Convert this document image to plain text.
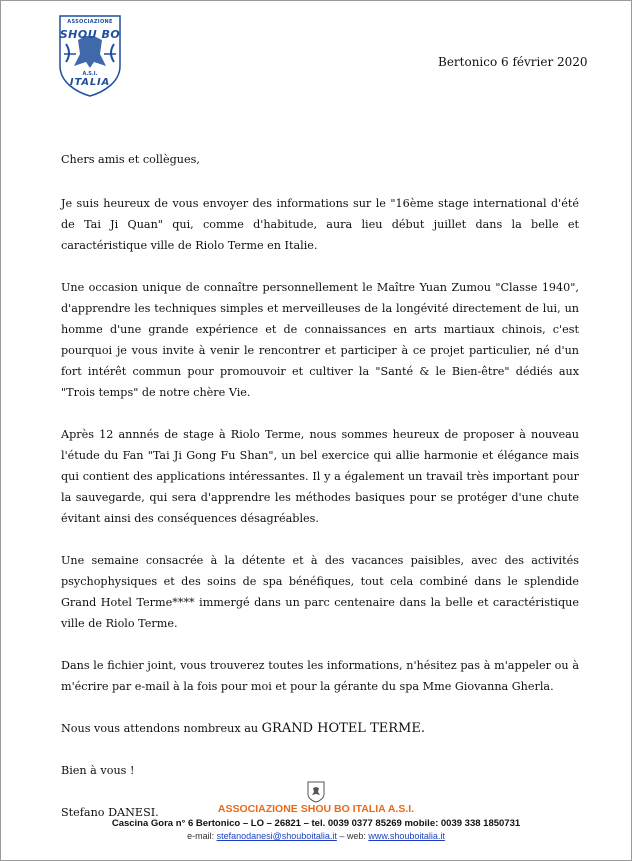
ASSOCIAZIONE
SHOU BO
A.S.I.
ITALIA
Bertonico 6 février 2020

Chers amis et collègues,

Je suis heureux de vous envoyer des informations sur le "16ème stage international d'été de Tai Ji Quan" qui, comme d'habitude, aura lieu début juillet dans la belle et caractéristique ville de Riolo Terme en Italie.

Une occasion unique de connaître personnellement le Maître Yuan Zumou "Classe 1940", d'apprendre les techniques simples et merveilleuses de la longévité directement de lui, un homme d'une grande expérience et de connaissances en arts martiaux chinois, c'est pourquoi je vous invite à venir le rencontrer et participer à ce projet particulier, né d'un fort intérêt commun pour promouvoir et cultiver la "Santé & le Bien-être" dédiés aux "Trois temps" de notre chère Vie.

Après 12 annnés de stage à Riolo Terme, nous sommes heureux de proposer à nouveau l'étude du Fan "Tai Ji Gong Fu Shan", un bel exercice qui allie harmonie et élégance mais qui contient des applications intéressantes. Il y a également un travail très important pour la sauvegarde, qui sera d'apprendre les méthodes basiques pour se protéger d'une chute évitant ainsi des conséquences désagréables.

Une semaine consacrée à la détente et à des vacances paisibles, avec des activités psychophysiques et des soins de spa bénéfiques, tout cela combiné dans le splendide Grand Hotel Terme**** immergé dans un parc centenaire dans la belle et caractéristique ville de Riolo Terme.

Dans le fichier joint, vous trouverez toutes les informations, n'hésitez pas à m'appeler ou à m'écrire par e-mail à la fois pour moi et pour la gérante du spa Mme Giovanna Gherla.

Nous vous attendons nombreux au GRAND HOTEL TERME.

Bien à vous !

Stefano DANESI.	ASSOCIAZIONE SHOU BO ITALIA A.S.I.
Cascina Gora n° 6 Bertonico – LO – 26821 – tel. 0039 0377 85269 mobile: 0039 338 1850731
e-mail: stefanodanesi@shouboitalia.it – web: www.shouboitalia.it
